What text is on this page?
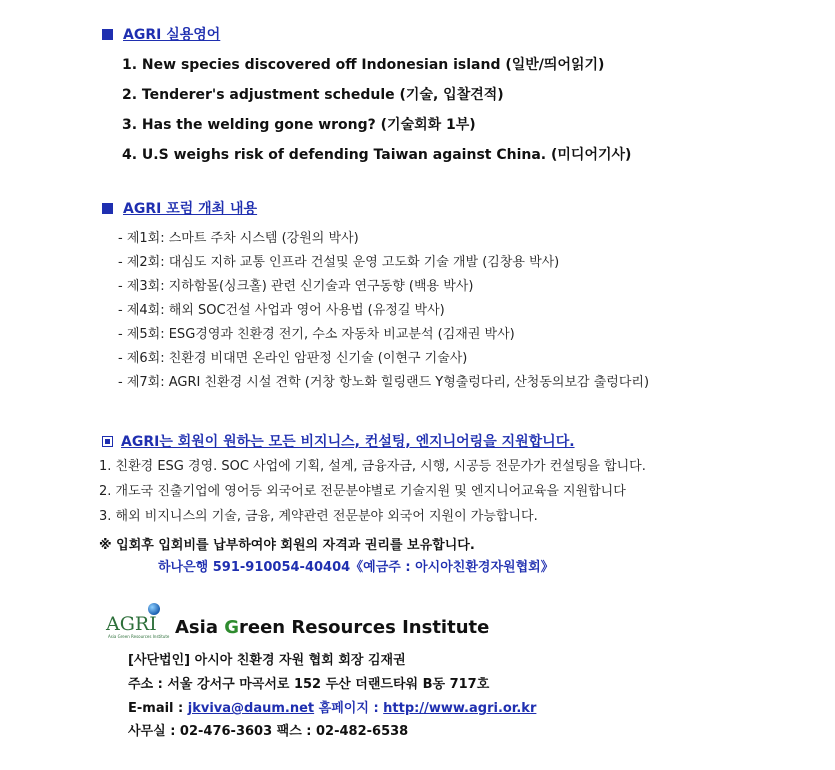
AGRI 실용영어
1. New species discovered off Indonesian island (일반/띄어읽기)
2. Tenderer's adjustment schedule (기술, 입찰견적)
3. Has the welding gone wrong? (기술회화 1부)
4. U.S weighs risk of defending Taiwan against China. (미디어기사)
AGRI 포럼 개최 내용
- 제1회: 스마트 주차 시스템 (강원의 박사)
- 제2회: 대심도 지하 교통 인프라 건설및 운영 고도화 기술 개발 (김창용 박사)
- 제3회: 지하함몰(싱크홀) 관련 신기술과 연구동향 (백용 박사)
- 제4회: 해외 SOC건설 사업과 영어 사용법 (유정길 박사)
- 제5회: ESG경영과 친환경 전기, 수소 자동차 비교분석 (김재권 박사)
- 제6회: 친환경 비대면 온라인 암판정 신기술 (이현구 기술사)
- 제7회: AGRI 친환경 시설 견학 (거창 항노화 힐링랜드 Y형출렁다리, 산청동의보감 출렁다리)
AGRI는 회원이 원하는 모든 비지니스, 컨설팅, 엔지니어링을 지원합니다.
1. 친환경 ESG 경영. SOC 사업에 기획, 설계, 금융자금, 시행, 시공등 전문가가 컨설팅을 합니다.
2. 개도국 진출기업에 영어등 외국어로 전문분야별로 기술지원 및 엔지니어교육을 지원합니다
3. 해외 비지니스의 기술, 금융, 계약관련 전문분야 외국어 지원이 가능합니다.
※ 입회후 입회비를 납부하여야 회원의 자격과 권리를 보유합니다.
하나은행 591-910054-40404《예금주 : 아시아친환경자원협회》
AGRI
Asia Green Resources Institute Asia Green Resources Institute
[사단법인] 아시아 친환경 자원 협회 회장 김재권
주소 : 서울 강서구 마곡서로 152 두산 더랜드타워 B동 717호
E-mail : jkviva@daum.net 홈페이지 : http://www.agri.or.kr
사무실 : 02-476-3603 팩스 : 02-482-6538
